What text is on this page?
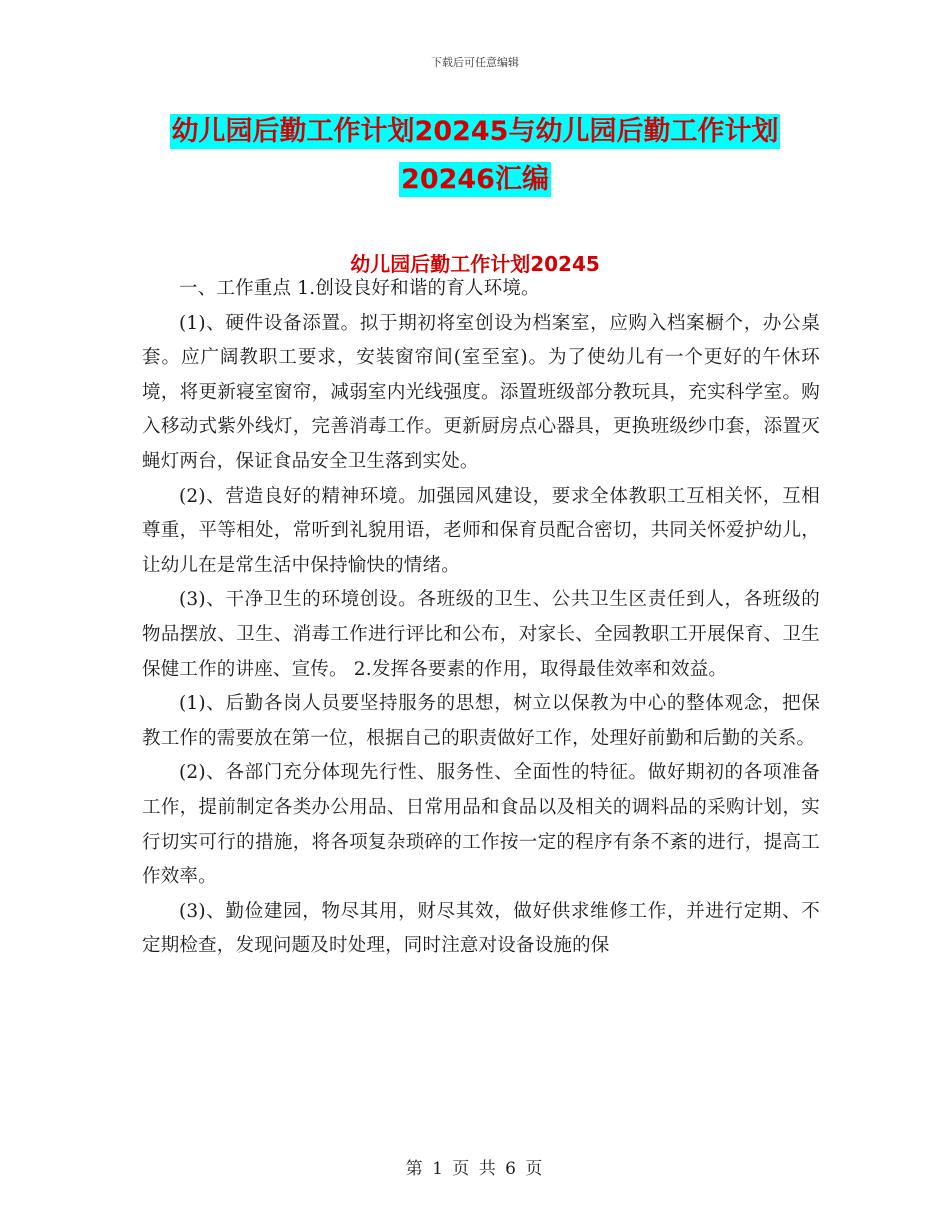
下载后可任意编辑
幼儿园后勤工作计划20245与幼儿园后勤工作计划
20246汇编
幼儿园后勤工作计划20245

一、工作重点 1.创设良好和谐的育人环境。

(1)、硬件设备添置。拟于期初将室创设为档案室，应购入档案橱个，办公桌套。应广阔教职工要求，安装窗帘间(室至室)。为了使幼儿有一个更好的午休环境，将更新寝室窗帘，减弱室内光线强度。添置班级部分教玩具，充实科学室。购入移动式紫外线灯，完善消毒工作。更新厨房点心器具，更换班级纱巾套，添置灭蝇灯两台，保证食品安全卫生落到实处。

(2)、营造良好的精神环境。加强园风建设，要求全体教职工互相关怀，互相尊重，平等相处，常听到礼貌用语，老师和保育员配合密切，共同关怀爱护幼儿，让幼儿在是常生活中保持愉快的情绪。

(3)、干净卫生的环境创设。各班级的卫生、公共卫生区责任到人，各班级的物品摆放、卫生、消毒工作进行评比和公布，对家长、全园教职工开展保育、卫生保健工作的讲座、宣传。 2.发挥各要素的作用，取得最佳效率和效益。

(1)、后勤各岗人员要坚持服务的思想，树立以保教为中心的整体观念，把保教工作的需要放在第一位，根据自己的职责做好工作，处理好前勤和后勤的关系。

(2)、各部门充分体现先行性、服务性、全面性的特征。做好期初的各项准备工作，提前制定各类办公用品、日常用品和食品以及相关的调料品的采购计划，实行切实可行的措施，将各项复杂琐碎的工作按一定的程序有条不紊的进行，提高工作效率。

(3)、勤俭建园，物尽其用，财尽其效，做好供求维修工作，并进行定期、不定期检查，发现问题及时处理，同时注意对设备设施的保

第 1 页 共 6 页
